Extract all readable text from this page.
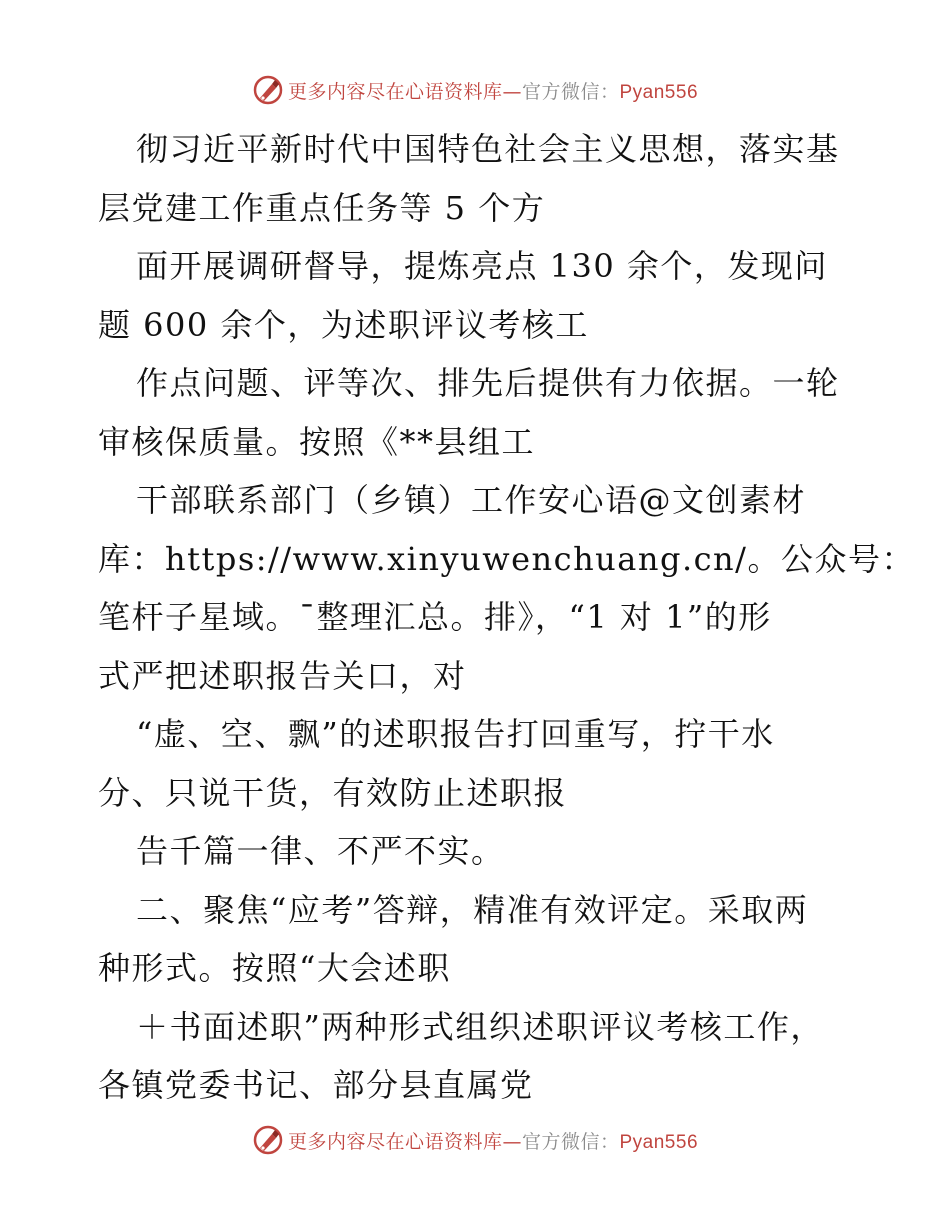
更多内容尽在心语资料库—官方微信：Pyan556
彻习近平新时代中国特色社会主义思想，落实基
层党建工作重点任务等 5 个方
面开展调研督导，提炼亮点 130 余个，发现问
题 600 余个，为述职评议考核工
作点问题、评等次、排先后提供有力依据。一轮
审核保质量。按照《**县组工
干部联系部门（乡镇）工作安心语@文创素材
库：https://www.xinyuwenchuang.cn/。公众号：
笔杆子星域。¯整理汇总。排》，“1 对 1”的形
式严把述职报告关口，对
“虚、空、飘”的述职报告打回重写，拧干水
分、只说干货，有效防止述职报
告千篇一律、不严不实。
二、聚焦“应考”答辩，精准有效评定。采取两
种形式。按照“大会述职
＋书面述职”两种形式组织述职评议考核工作，
各镇党委书记、部分县直属党
更多内容尽在心语资料库—官方微信：Pyan556
